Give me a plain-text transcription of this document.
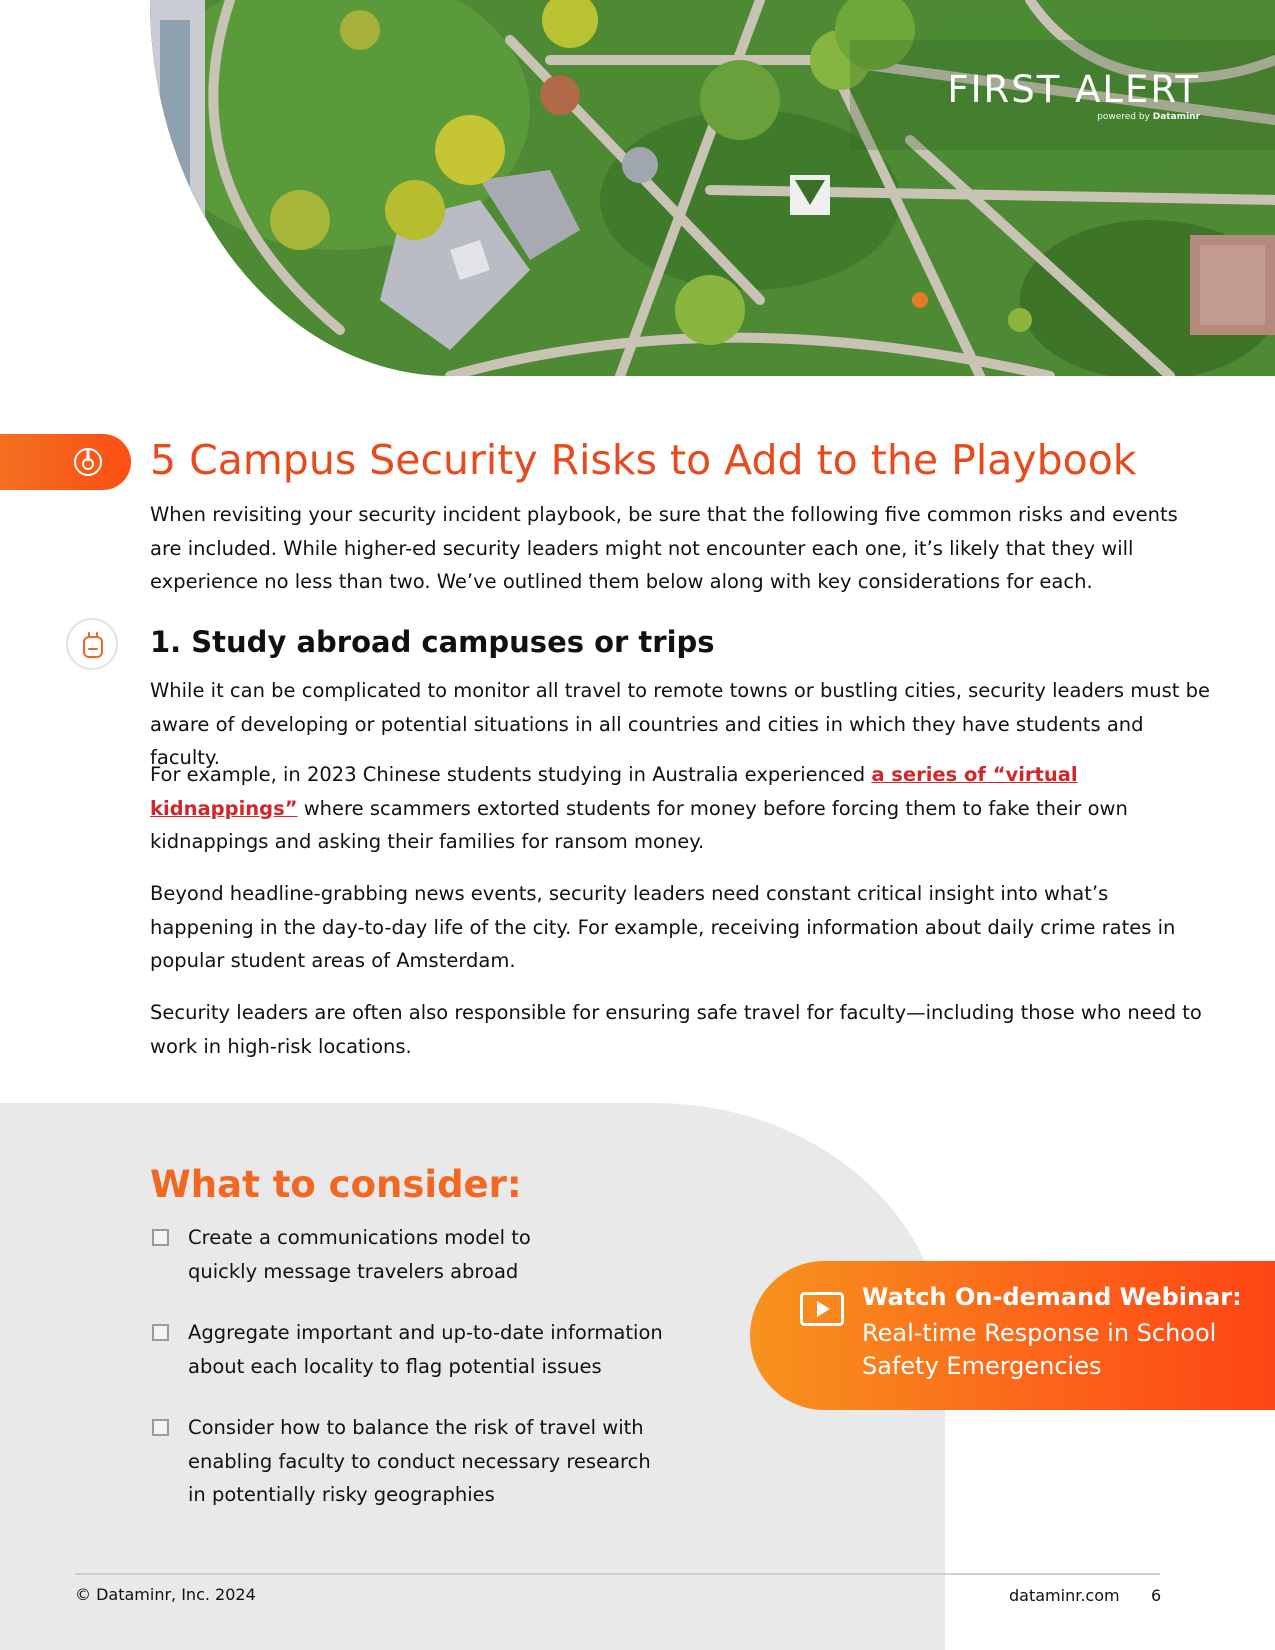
FIRST ALERT
powered by Dataminr
5 Campus Security Risks to Add to the Playbook

When revisiting your security incident playbook, be sure that the following five common risks and events are included. While higher-ed security leaders might not encounter each one, it’s likely that they will experience no less than two. We’ve outlined them below along with key considerations for each.

1. Study abroad campuses or trips

While it can be complicated to monitor all travel to remote towns or bustling cities, security leaders must be aware of developing or potential situations in all countries and cities in which they have students and faculty.

For example, in 2023 Chinese students studying in Australia experienced a series of “virtual kidnappings” where scammers extorted students for money before forcing them to fake their own kidnappings and asking their families for ransom money.

Beyond headline-grabbing news events, security leaders need constant critical insight into what’s happening in the day-to-day life of the city. For example, receiving information about daily crime rates in popular student areas of Amsterdam.

Security leaders are often also responsible for ensuring safe travel for faculty—including those who need to work in high-risk locations.

What to consider:
Create a communications model to quickly message travelers abroad
Aggregate important and up-to-date information about each locality to flag potential issues
Consider how to balance the risk of travel with enabling faculty to conduct necessary research in potentially risky geographies
Watch On-demand Webinar:
Real-time Response in School Safety Emergencies
© Dataminr, Inc. 2024	dataminr.com 6
